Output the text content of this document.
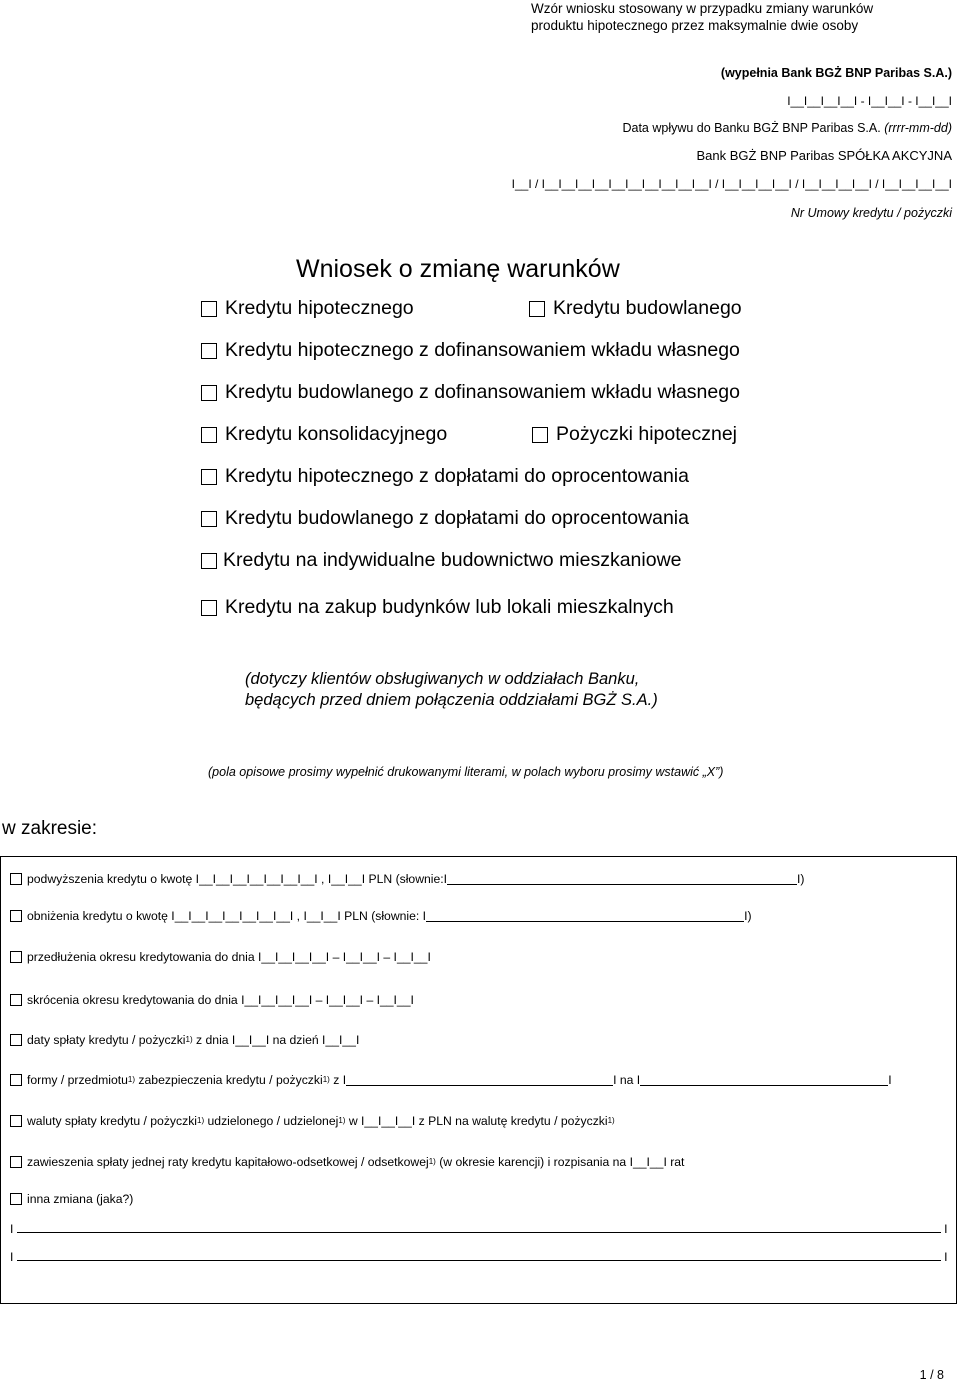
Wzór wniosku stosowany w przypadku zmiany warunków
produktu hipotecznego przez maksymalnie dwie osoby
(wypełnia Bank BGŻ BNP Paribas S.A.)
I__I__I__I__I - I__I__I - I__I__I
Data wpływu do Banku BGŻ BNP Paribas S.A. (rrrr-mm-dd)
Bank BGŻ BNP Paribas SPÓŁKA AKCYJNA
I__I / I__I__I__I__I__I__I__I__I__I__I / I__I__I__I__I / I__I__I__I__I / I__I__I__I__I
Nr Umowy kredytu / pożyczki
Wniosek o zmianę warunków
Kredytu hipotecznego	Kredytu budowlanego
Kredytu hipotecznego z dofinansowaniem wkładu własnego
Kredytu budowlanego z dofinansowaniem wkładu własnego
Kredytu konsolidacyjnego	Pożyczki hipotecznej
Kredytu hipotecznego z dopłatami do oprocentowania
Kredytu budowlanego z dopłatami do oprocentowania
Kredytu na indywidualne budownictwo mieszkaniowe
Kredytu na zakup budynków lub lokali mieszkalnych
(dotyczy klientów obsługiwanych w oddziałach Banku,
będących przed dniem połączenia oddziałami BGŻ S.A.)
(pola opisowe prosimy wypełnić drukowanymi literami, w polach wyboru prosimy wstawić „X”)
w zakresie:
podwyższenia kredytu o kwotę I__I__I__I__I__I__I__I , I__I__I PLN (słownie:I	I)
obniżenia kredytu o kwotę I__I__I__I__I__I__I__I , I__I__I PLN (słownie: I	I)
przedłużenia okresu kredytowania do dnia I__I__I__I__I – I__I__I – I__I__I
skrócenia okresu kredytowania do dnia I__I__I__I__I – I__I__I – I__I__I
daty spłaty kredytu / pożyczki 1) z dnia I__I__I na dzień I__I__I
formy / przedmiotu 1) zabezpieczenia kredytu / pożyczki 1) z I	I na I	I
waluty spłaty kredytu / pożyczki 1) udzielonego / udzielonej 1) w I__I__I__I z PLN na walutę kredytu / pożyczki 1)
zawieszenia spłaty jednej raty kredytu kapitałowo-odsetkowej / odsetkowej 1) (w okresie karencji) i rozpisania na I__I__I rat
inna zmiana (jaka?)
I	I
I	I
1 / 8
